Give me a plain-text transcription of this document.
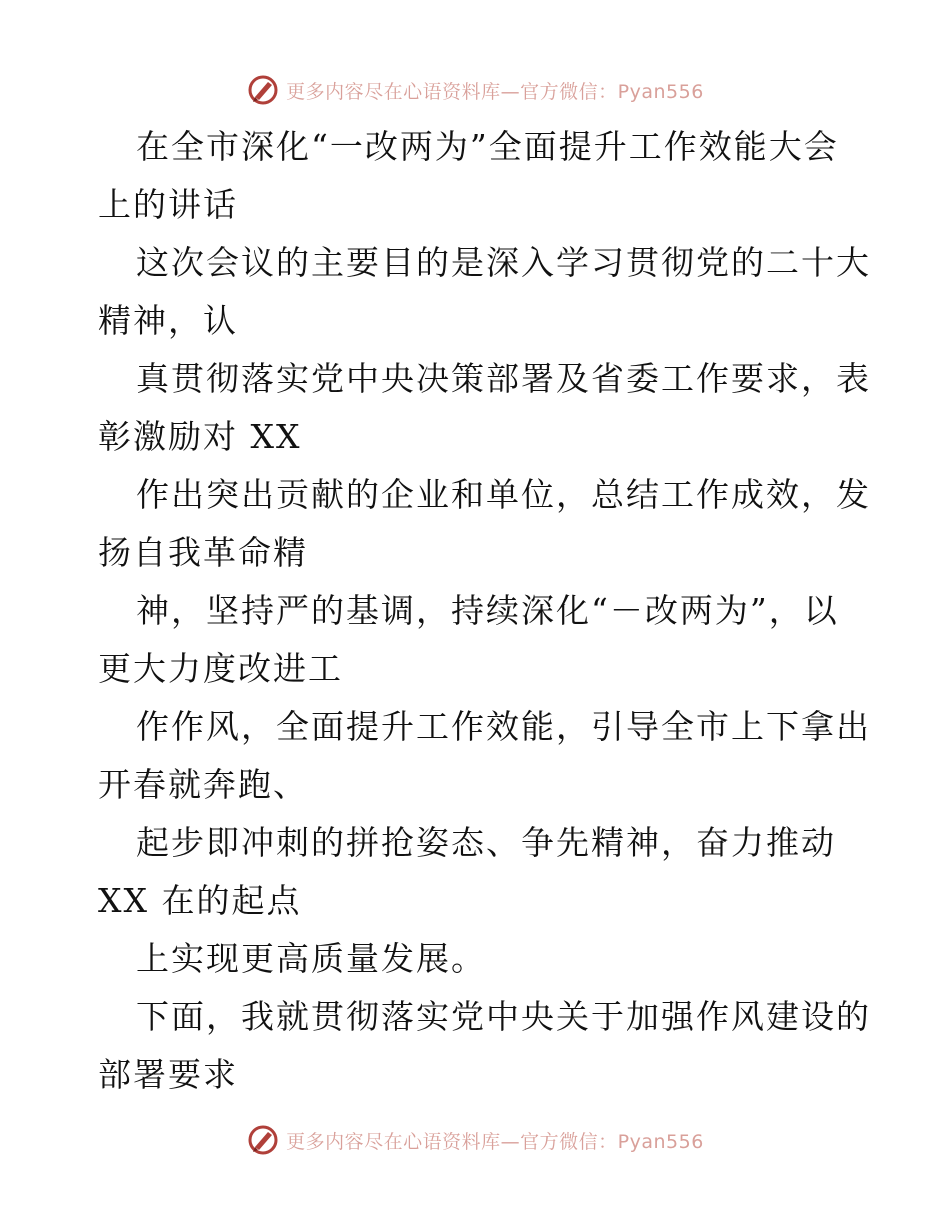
更多内容尽在心语资料库—官方微信：Pyan556

在全市深化“一改两为”全面提升工作效能大会
上的讲话

这次会议的主要目的是深入学习贯彻党的二十大
精神，认

真贯彻落实党中央决策部署及省委工作要求，表
彰激励对 XX

作出突出贡献的企业和单位，总结工作成效，发
扬自我革命精

神，坚持严的基调，持续深化“－改两为”，以
更大力度改进工

作作风，全面提升工作效能，引导全市上下拿出
开春就奔跑、

起步即冲刺的拼抢姿态、争先精神，奋力推动
XX 在的起点

上实现更高质量发展。

下面，我就贯彻落实党中央关于加强作风建设的
部署要求

更多内容尽在心语资料库—官方微信：Pyan556
